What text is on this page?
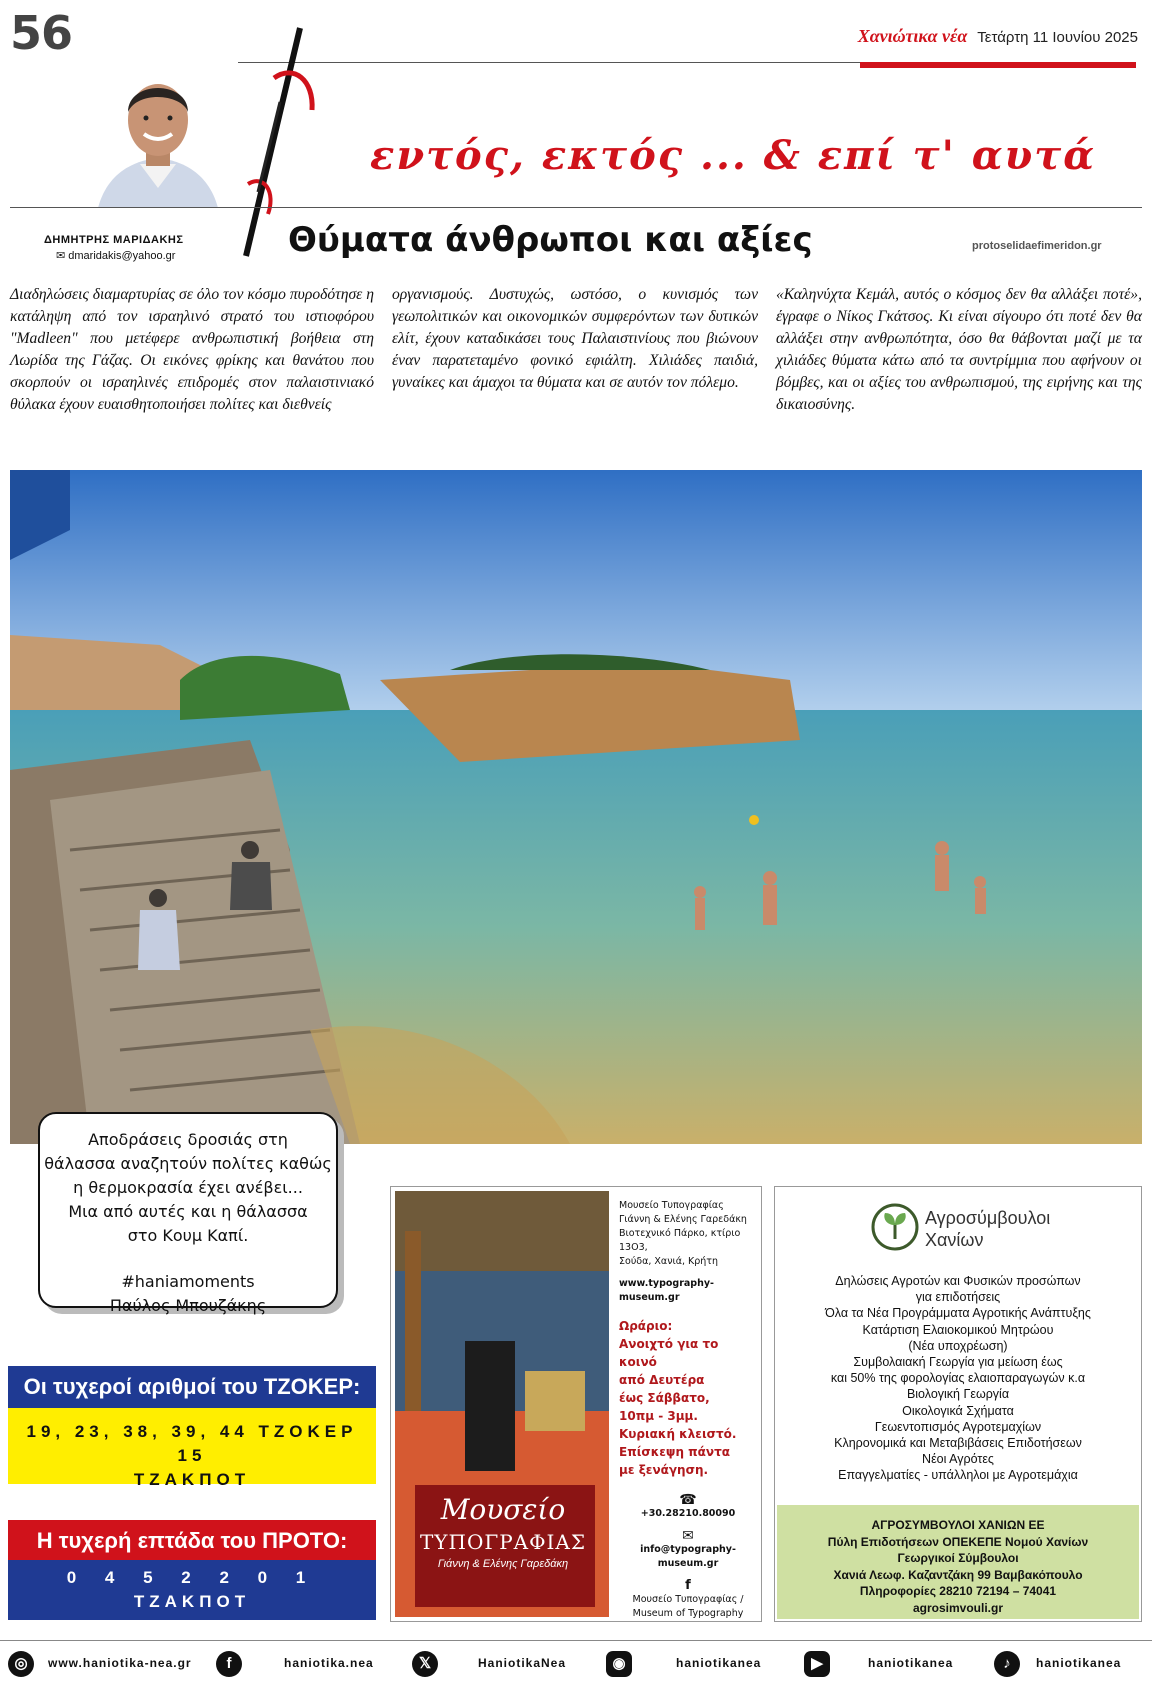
56	Χανιώτικα νέα Τετάρτη 11 Ιουνίου 2025
εντός, εκτός ... & επί τ' αυτά
ΔΗΜΗΤΡΗΣ ΜΑΡΙΔΑΚΗΣ
✉ dmaridakis@yahoo.gr	Θύματα άνθρωποι και αξίες	protoselidaefimeridon.gr
Διαδηλώσεις διαμαρτυρίας σε όλο τον κόσμο πυροδότησε η κατάληψη από τον ισραηλινό στρατό του ιστιοφόρου "Madleen" που μετέφερε ανθρωπιστική βοήθεια στη Λωρίδα της Γάζας. Οι εικόνες φρίκης και θανάτου που σκορπούν οι ισραηλινές επιδρομές στον παλαιστινιακό θύλακα έχουν ευαισθητοποιήσει πολίτες και διεθνείς
οργανισμούς. Δυστυχώς, ωστόσο, ο κυνισμός των γεωπολιτικών και οικονομικών συμφερόντων των δυτικών ελίτ, έχουν καταδικάσει τους Παλαιστινίους που βιώνουν έναν παρατεταμένο φονικό εφιάλτη. Χιλιάδες παιδιά, γυναίκες και άμαχοι τα θύματα και σε αυτόν τον πόλεμο.
«Καληνύχτα Κεμάλ, αυτός ο κόσμος δεν θα αλλάξει ποτέ», έγραφε ο Νίκος Γκάτσος. Κι είναι σίγουρο ότι ποτέ δεν θα αλλάξει στην ανθρωπότητα, όσο θα θάβονται μαζί με τα χιλιάδες θύματα κάτω από τα συντρίμμια που αφήνουν οι βόμβες, και οι αξίες του ανθρωπισμού, της ειρήνης και της δικαιοσύνης.
Αποδράσεις δροσιάς στη
θάλασσα αναζητούν πολίτες καθώς
η θερμοκρασία έχει ανέβει...
Μια από αυτές και η θάλασσα
στο Κουμ Καπί.
#haniamoments
Παύλος Μπουζάκης
Οι τυχεροί αριθμοί του ΤΖΟΚΕΡ:
19, 23, 38, 39, 44 ΤΖΟΚΕΡ 15
ΤΖΑΚΠΟΤ
Η τυχερή επτάδα του ΠΡΟΤΟ:
0 4 5 2 2 0 1
ΤΖΑΚΠΟΤ
Μουσείο
ΤΥΠΟΓΡΑΦΙΑΣ
Γιάννη & Ελένης Γαρεδάκη
Μουσείο Τυπογραφίας
Γιάννη & Ελένης Γαρεδάκη
Βιοτεχνικό Πάρκο, κτίριο 13Ο3,
Σούδα, Χανιά, Κρήτη
www.typography-museum.gr
Ωράριο:
Ανοιχτό για το κοινό
από Δευτέρα
έως Σάββατο,
10πμ - 3μμ.
Κυριακή κλειστό.
Επίσκεψη πάντα
με ξενάγηση.
☎
+30.28210.80090
✉
info@typography-museum.gr
f
Μουσείο Τυπογραφίας /
Museum of Typography
Αγροσύμβουλοι
Χανίων
Δηλώσεις Αγροτών και Φυσικών προσώπων
για επιδοτήσεις
Όλα τα Νέα Προγράμματα Αγροτικής Ανάπτυξης
Κατάρτιση Ελαιοκομικού Μητρώου
(Νέα υποχρέωση)
Συμβολαιακή Γεωργία για μείωση έως
και 50% της φορολογίας ελαιοπαραγωγών κ.α
Βιολογική Γεωργία
Οικολογικά Σχήματα
Γεωεντοπισμός Αγροτεμαχίων
Κληρονομικά και Μεταβιβάσεις Επιδοτήσεων
Νέοι Αγρότες
Επαγγελματίες - υπάλληλοι με Αγροτεμάχια
ΑΓΡΟΣΥΜΒΟΥΛΟΙ ΧΑΝΙΩΝ ΕΕ
Πύλη Επιδοτήσεων ΟΠΕΚΕΠΕ Νομού Χανίων
Γεωργικοί Σύμβουλοι
Χανιά Λεωφ. Καζαντζάκη 99 Βαμβακόπουλο
Πληροφορίες 28210 72194 – 74041
agrosimvouli.gr
◎	www.haniotika-nea.gr	f	haniotika.nea	𝕏	HaniotikaNea	◉	haniotikanea	▶	haniotikanea	♪	haniotikanea
